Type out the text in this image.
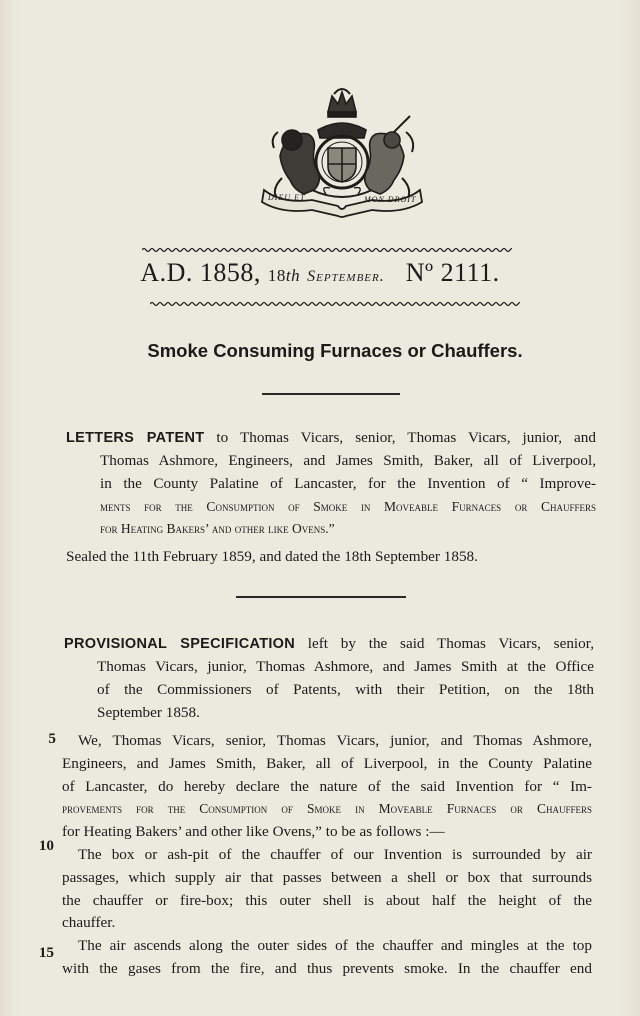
DIEU ET	MON DROIT
A.D. 1858, 18th September. Nº 2111.
Smoke Consuming Furnaces or Chauffers.
LETTERS PATENT to Thomas Vicars, senior, Thomas Vicars, junior, and
Thomas Ashmore, Engineers, and James Smith, Baker, all of Liverpool,
in the County Palatine of Lancaster, for the Invention of “ Improve-
ments for the Consumption of Smoke in Moveable Furnaces or Chauffers
for Heating Bakers’ and other like Ovens.”
Sealed the 11th February 1859, and dated the 18th September 1858.
PROVISIONAL SPECIFICATION left by the said Thomas Vicars, senior,
Thomas Vicars, junior, Thomas Ashmore, and James Smith at the Office
of the Commissioners of Patents, with their Petition, on the 18th
September 1858.
We, Thomas Vicars, senior, Thomas Vicars, junior, and Thomas Ashmore,
Engineers, and James Smith, Baker, all of Liverpool, in the County Palatine
of Lancaster, do hereby declare the nature of the said Invention for “ Im-
provements for the Consumption of Smoke in Moveable Furnaces or Chauffers
for Heating Bakers’ and other like Ovens,” to be as follows :—
The box or ash-pit of the chauffer of our Invention is surrounded by air
passages, which supply air that passes between a shell or box that surrounds
the chauffer or fire-box; this outer shell is about half the height of the
chauffer.
The air ascends along the outer sides of the chauffer and mingles at the top
with the gases from the fire, and thus prevents smoke. In the chauffer end
5
10
15
